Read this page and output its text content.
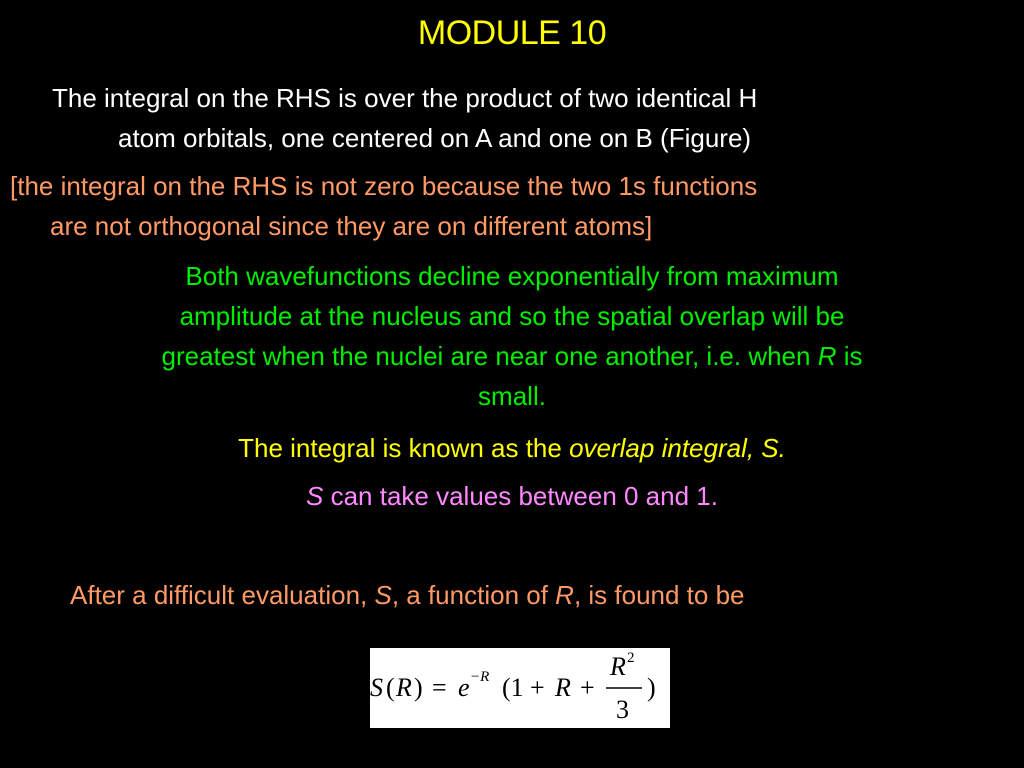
MODULE 10

The integral on the RHS is over the product of two identical H
atom orbitals, one centered on A and one on B (Figure)

[the integral on the RHS is not zero because the two 1s functions
are not orthogonal since they are on different atoms]

Both wavefunctions decline exponentially from maximum
amplitude at the nucleus and so the spatial overlap will be
greatest when the nuclei are near one another, i.e. when R is
small.

The integral is known as the overlap integral, S.

S can take values between 0 and 1.

After a difficult evaluation, S, a function of R, is found to be

S ( R ) = e −R (1 + R +
R 2
3
)
